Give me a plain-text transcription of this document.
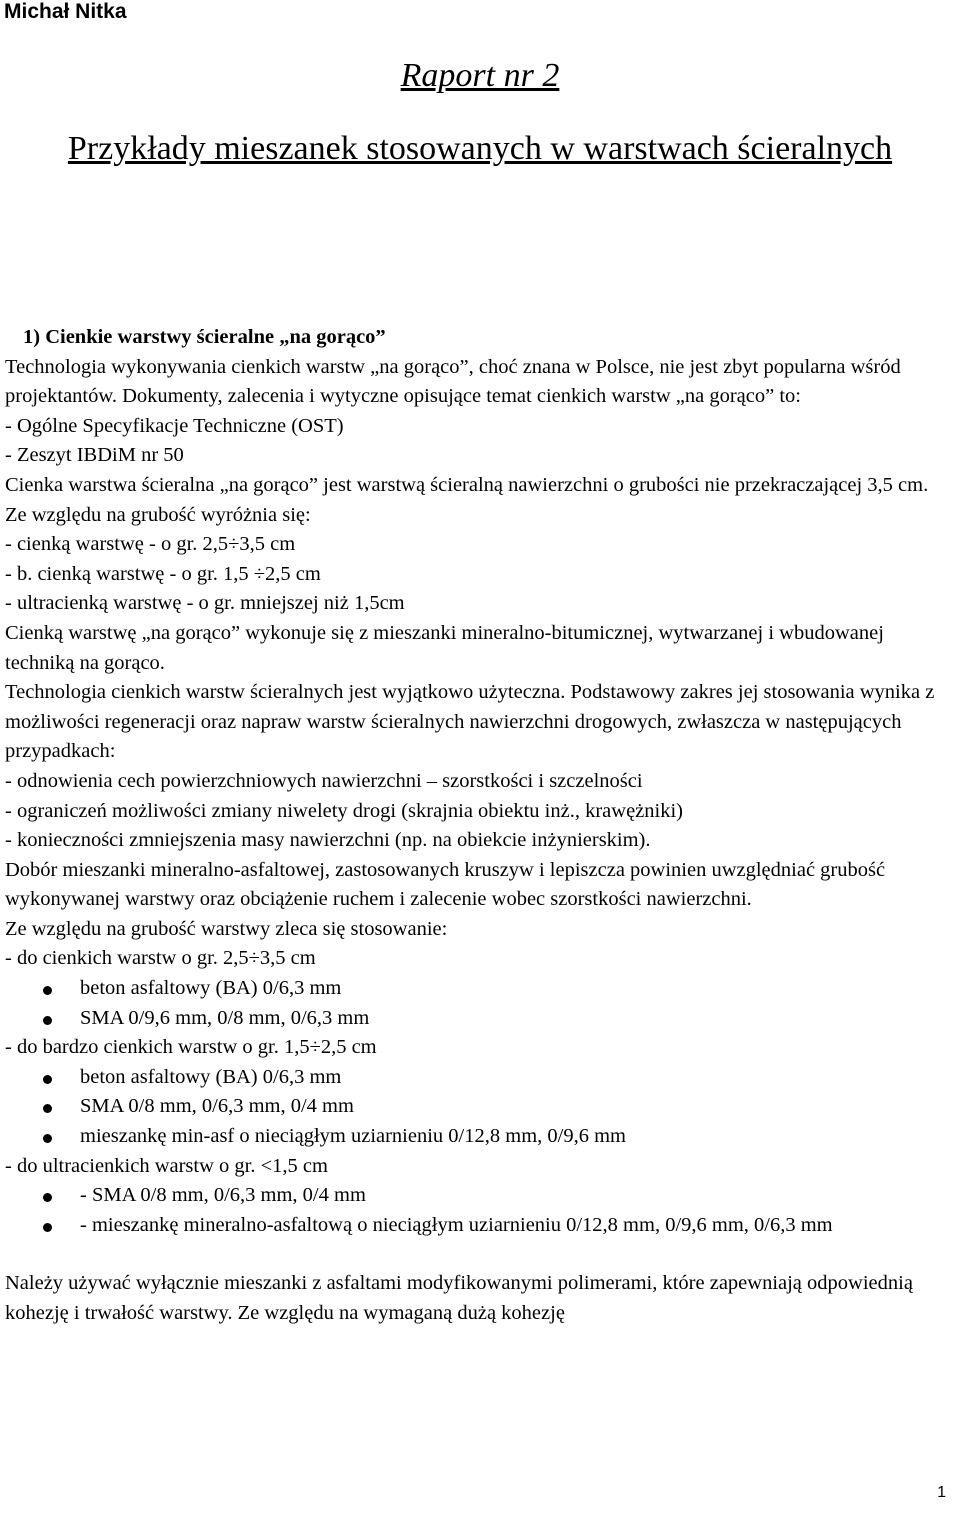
Michał Nitka
Raport nr 2
Przykłady mieszanek stosowanych w warstwach ścieralnych

1) Cienkie warstwy ścieralne „na gorąco”

Technologia wykonywania cienkich warstw „na gorąco”, choć znana w Polsce, nie jest zbyt popularna wśród projektantów. Dokumenty, zalecenia i wytyczne opisujące temat cienkich warstw „na gorąco” to:

- Ogólne Specyfikacje Techniczne (OST)

- Zeszyt IBDiM nr 50

Cienka warstwa ścieralna „na gorąco” jest warstwą ścieralną nawierzchni o grubości nie przekraczającej 3,5 cm.

Ze względu na grubość wyróżnia się:

- cienką warstwę - o gr. 2,5÷3,5 cm

- b. cienką warstwę - o gr. 1,5 ÷2,5 cm

- ultracienką warstwę - o gr. mniejszej niż 1,5cm

Cienką warstwę „na gorąco” wykonuje się z mieszanki mineralno-bitumicznej, wytwarzanej i wbudowanej techniką na gorąco.

Technologia cienkich warstw ścieralnych jest wyjątkowo użyteczna. Podstawowy zakres jej stosowania wynika z możliwości regeneracji oraz napraw warstw ścieralnych nawierzchni drogowych, zwłaszcza w następujących przypadkach:

- odnowienia cech powierzchniowych nawierzchni – szorstkości i szczelności

- ograniczeń możliwości zmiany niwelety drogi (skrajnia obiektu inż., krawężniki)

- konieczności zmniejszenia masy nawierzchni (np. na obiekcie inżynierskim).

Dobór mieszanki mineralno-asfaltowej, zastosowanych kruszyw i lepiszcza powinien uwzględniać grubość wykonywanej warstwy oraz obciążenie ruchem i zalecenie wobec szorstkości nawierzchni.

Ze względu na grubość warstwy zleca się stosowanie:

- do cienkich warstw o gr. 2,5÷3,5 cm

beton asfaltowy (BA) 0/6,3 mm

SMA 0/9,6 mm, 0/8 mm, 0/6,3 mm

- do bardzo cienkich warstw o gr. 1,5÷2,5 cm

beton asfaltowy (BA) 0/6,3 mm

SMA 0/8 mm, 0/6,3 mm, 0/4 mm

mieszankę min-asf o nieciągłym uziarnieniu 0/12,8 mm, 0/9,6 mm

- do ultracienkich warstw o gr. <1,5 cm

- SMA 0/8 mm, 0/6,3 mm, 0/4 mm

- mieszankę mineralno-asfaltową o nieciągłym uziarnieniu 0/12,8 mm, 0/9,6 mm, 0/6,3 mm

Należy używać wyłącznie mieszanki z asfaltami modyfikowanymi polimerami, które zapewniają odpowiednią kohezję i trwałość warstwy. Ze względu na wymaganą dużą kohezję

1
